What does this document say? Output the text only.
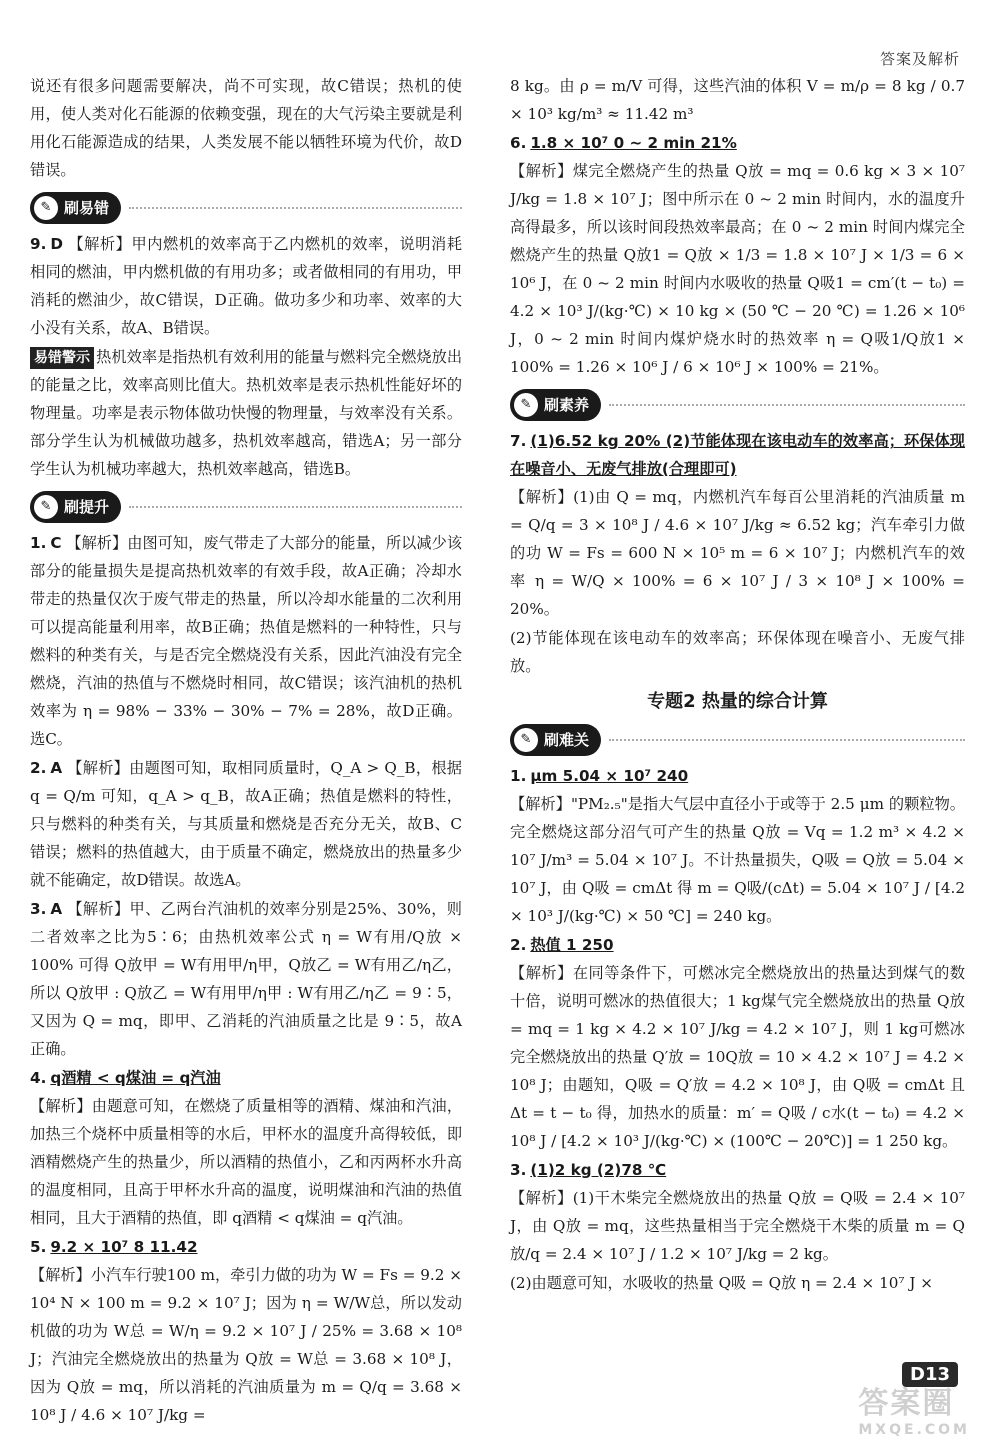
答案及解析

说还有很多问题需要解决，尚不可实现，故C错误；热机的使用，使人类对化石能源的依赖变强，现在的大气污染主要就是利用化石能源造成的结果，人类发展不能以牺牲环境为代价，故D错误。

✎ 刷易错

9. D 【解析】甲内燃机的效率高于乙内燃机的效率，说明消耗相同的燃油，甲内燃机做的有用功多；或者做相同的有用功，甲消耗的燃油少，故C错误，D正确。做功多少和功率、效率的大小没有关系，故A、B错误。

易错警示 热机效率是指热机有效利用的能量与燃料完全燃烧放出的能量之比，效率高则比值大。热机效率是表示热机性能好坏的物理量。功率是表示物体做功快慢的物理量，与效率没有关系。部分学生认为机械做功越多，热机效率越高，错选A；另一部分学生认为机械功率越大，热机效率越高，错选B。

✎ 刷提升

1. C 【解析】由图可知，废气带走了大部分的能量，所以减少该部分的能量损失是提高热机效率的有效手段，故A正确；冷却水带走的热量仅次于废气带走的热量，所以冷却水能量的二次利用可以提高能量利用率，故B正确；热值是燃料的一种特性，只与燃料的种类有关，与是否完全燃烧没有关系，因此汽油没有完全燃烧，汽油的热值与不燃烧时相同，故C错误；该汽油机的热机效率为 η = 98% − 33% − 30% − 7% = 28%，故D正确。选C。

2. A 【解析】由题图可知，取相同质量时，Q_A > Q_B，根据 q = Q/m 可知，q_A > q_B，故A正确；热值是燃料的特性，只与燃料的种类有关，与其质量和燃烧是否充分无关，故B、C错误；燃料的热值越大，由于质量不确定，燃烧放出的热量多少就不能确定，故D错误。故选A。

3. A 【解析】甲、乙两台汽油机的效率分别是25%、30%，则二者效率之比为5∶6；由热机效率公式 η = W有用/Q放 × 100% 可得 Q放甲 = W有用甲/η甲，Q放乙 = W有用乙/η乙，所以 Q放甲 : Q放乙 = W有用甲/η甲 : W有用乙/η乙 = 9∶5，又因为 Q = mq，即甲、乙消耗的汽油质量之比是 9∶5，故A正确。

4. q酒精 < q煤油 = q汽油
【解析】由题意可知，在燃烧了质量相等的酒精、煤油和汽油，加热三个烧杯中质量相等的水后，甲杯水的温度升高得较低，即酒精燃烧产生的热量少，所以酒精的热值小，乙和丙两杯水升高的温度相同，且高于甲杯水升高的温度，说明煤油和汽油的热值相同，且大于酒精的热值，即 q酒精 < q煤油 = q汽油。

5. 9.2 × 10⁷ 8 11.42
【解析】小汽车行驶100 m，牵引力做的功为 W = Fs = 9.2 × 10⁴ N × 100 m = 9.2 × 10⁷ J；因为 η = W/W总，所以发动机做的功为 W总 = W/η = 9.2 × 10⁷ J / 25% = 3.68 × 10⁸ J；汽油完全燃烧放出的热量为 Q放 = W总 = 3.68 × 10⁸ J，因为 Q放 = mq，所以消耗的汽油质量为 m = Q/q = 3.68 × 10⁸ J / 4.6 × 10⁷ J/kg =

8 kg。由 ρ = m/V 可得，这些汽油的体积 V = m/ρ = 8 kg / 0.7 × 10³ kg/m³ ≈ 11.42 m³

6. 1.8 × 10⁷ 0 ~ 2 min 21%
【解析】煤完全燃烧产生的热量 Q放 = mq = 0.6 kg × 3 × 10⁷ J/kg = 1.8 × 10⁷ J；图中所示在 0 ~ 2 min 时间内，水的温度升高得最多，所以该时间段热效率最高；在 0 ~ 2 min 时间内煤完全燃烧产生的热量 Q放1 = Q放 × 1/3 = 1.8 × 10⁷ J × 1/3 = 6 × 10⁶ J，在 0 ~ 2 min 时间内水吸收的热量 Q吸1 = cm′(t − t₀) = 4.2 × 10³ J/(kg·℃) × 10 kg × (50 ℃ − 20 ℃) = 1.26 × 10⁶ J，0 ~ 2 min 时间内煤炉烧水时的热效率 η = Q吸1/Q放1 × 100% = 1.26 × 10⁶ J / 6 × 10⁶ J × 100% = 21%。

✎ 刷素养

7. (1)6.52 kg 20% (2)节能体现在该电动车的效率高；环保体现在噪音小、无废气排放(合理即可)
【解析】(1)由 Q = mq，内燃机汽车每百公里消耗的汽油质量 m = Q/q = 3 × 10⁸ J / 4.6 × 10⁷ J/kg ≈ 6.52 kg；汽车牵引力做的功 W = Fs = 600 N × 10⁵ m = 6 × 10⁷ J；内燃机汽车的效率 η = W/Q × 100% = 6 × 10⁷ J / 3 × 10⁸ J × 100% = 20%。

(2)节能体现在该电动车的效率高；环保体现在噪音小、无废气排放。

专题2 热量的综合计算
✎ 刷难关

1. μm 5.04 × 10⁷ 240
【解析】"PM₂.₅"是指大气层中直径小于或等于 2.5 μm 的颗粒物。完全燃烧这部分沼气可产生的热量 Q放 = Vq = 1.2 m³ × 4.2 × 10⁷ J/m³ = 5.04 × 10⁷ J。不计热量损失，Q吸 = Q放 = 5.04 × 10⁷ J，由 Q吸 = cmΔt 得 m = Q吸/(cΔt) = 5.04 × 10⁷ J / [4.2 × 10³ J/(kg·℃) × 50 ℃] = 240 kg。

2. 热值 1 250
【解析】在同等条件下，可燃冰完全燃烧放出的热量达到煤气的数十倍，说明可燃冰的热值很大；1 kg煤气完全燃烧放出的热量 Q放 = mq = 1 kg × 4.2 × 10⁷ J/kg = 4.2 × 10⁷ J，则 1 kg可燃冰完全燃烧放出的热量 Q′放 = 10Q放 = 10 × 4.2 × 10⁷ J = 4.2 × 10⁸ J；由题知，Q吸 = Q′放 = 4.2 × 10⁸ J，由 Q吸 = cmΔt 且 Δt = t − t₀ 得，加热水的质量：m′ = Q吸 / c水(t − t₀) = 4.2 × 10⁸ J / [4.2 × 10³ J/(kg·℃) × (100℃ − 20℃)] = 1 250 kg。

3. (1)2 kg (2)78 ℃
【解析】(1)干木柴完全燃烧放出的热量 Q放 = Q吸 = 2.4 × 10⁷ J，由 Q放 = mq，这些热量相当于完全燃烧干木柴的质量 m = Q放/q = 2.4 × 10⁷ J / 1.2 × 10⁷ J/kg = 2 kg。

(2)由题意可知，水吸收的热量 Q吸 = Q放 η = 2.4 × 10⁷ J ×

D13
答案圈
MXQE.COM
